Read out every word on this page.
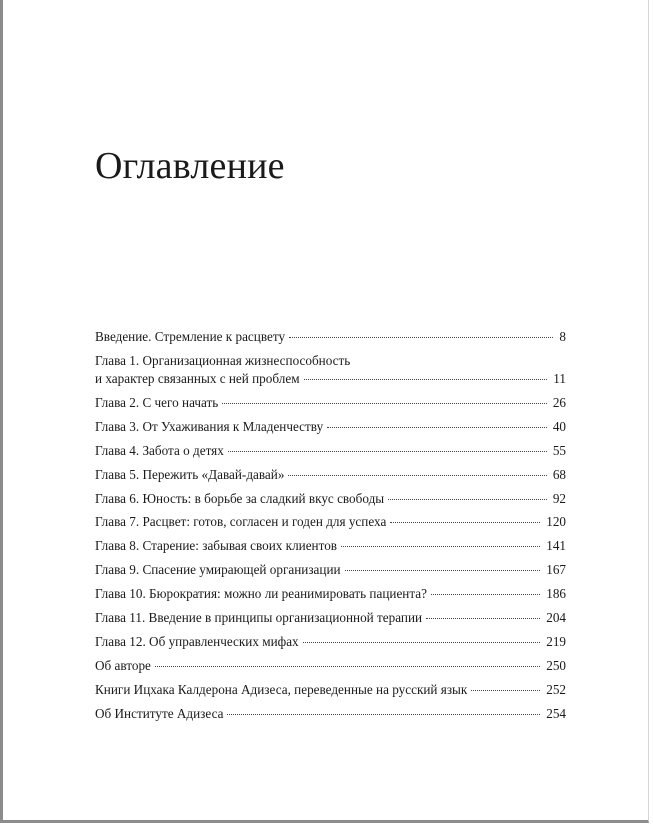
Оглавление
Введение. Стремление к расцвету	8
Глава 1. Организационная жизнеспособность
и характер связанных с ней проблем	11
Глава 2. С чего начать	26
Глава 3. От Ухаживания к Младенчеству	40
Глава 4. Забота о детях	55
Глава 5. Пережить «Давай-давай»	68
Глава 6. Юность: в борьбе за сладкий вкус свободы	92
Глава 7. Расцвет: готов, согласен и годен для успеха	120
Глава 8. Старение: забывая своих клиентов	141
Глава 9. Спасение умирающей организации	167
Глава 10. Бюрократия: можно ли реанимировать пациента?	186
Глава 11. Введение в принципы организационной терапии	204
Глава 12. Об управленческих мифах	219
Об авторе	250
Книги Ицхака Калдерона Адизеса, переведенные на русский язык	252
Об Институте Адизеса	254
